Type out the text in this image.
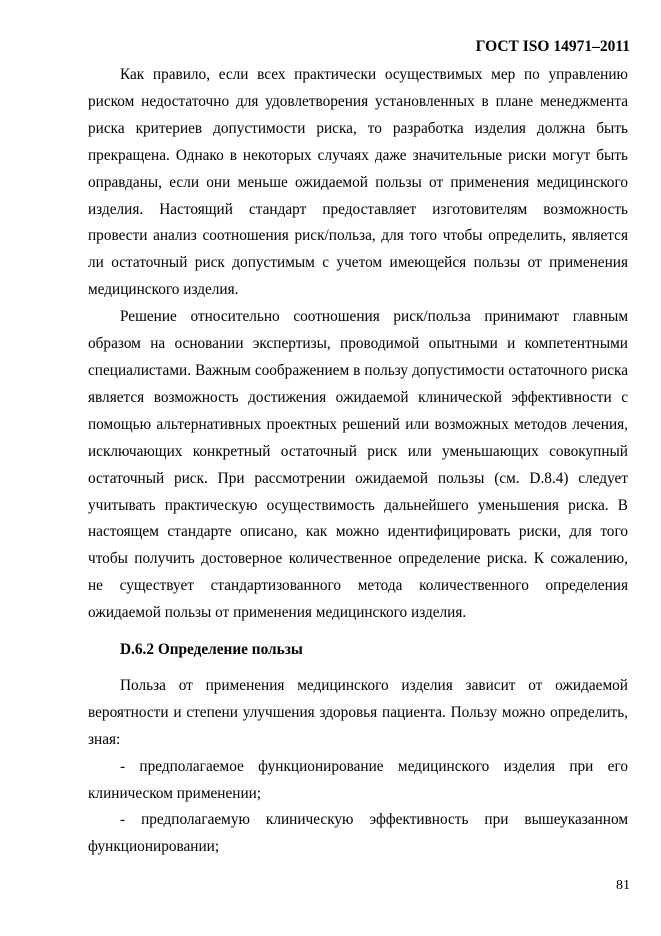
ГОСТ ISO 14971–2011

Как правило, если всех практически осуществимых мер по управлению риском недостаточно для удовлетворения установленных в плане менеджмента риска критериев допустимости риска, то разработка изделия должна быть прекращена. Однако в некоторых случаях даже значительные риски могут быть оправданы, если они меньше ожидаемой пользы от применения медицинского изделия. Настоящий стандарт предоставляет изготовителям возможность провести анализ соотношения риск/польза, для того чтобы определить, является ли остаточный риск допустимым с учетом имеющейся пользы от применения медицинского изделия.

Решение относительно соотношения риск/польза принимают главным образом на основании экспертизы, проводимой опытными и компетентными специалистами. Важным соображением в пользу допустимости остаточного риска является возможность достижения ожидаемой клинической эффективности с помощью альтернативных проектных решений или возможных методов лечения, исключающих конкретный остаточный риск или уменьшающих совокупный остаточный риск. При рассмотрении ожидаемой пользы (см. D.8.4) следует учитывать практическую осуществимость дальнейшего уменьшения риска. В настоящем стандарте описано, как можно идентифицировать риски, для того чтобы получить достоверное количественное определение риска. К сожалению, не существует стандартизованного метода количественного определения ожидаемой пользы от применения медицинского изделия.

D.6.2 Определение пользы

Польза от применения медицинского изделия зависит от ожидаемой вероятности и степени улучшения здоровья пациента. Пользу можно определить, зная:

- предполагаемое функционирование медицинского изделия при его клиническом применении;

- предполагаемую клиническую эффективность при вышеуказанном функционировании;

81
